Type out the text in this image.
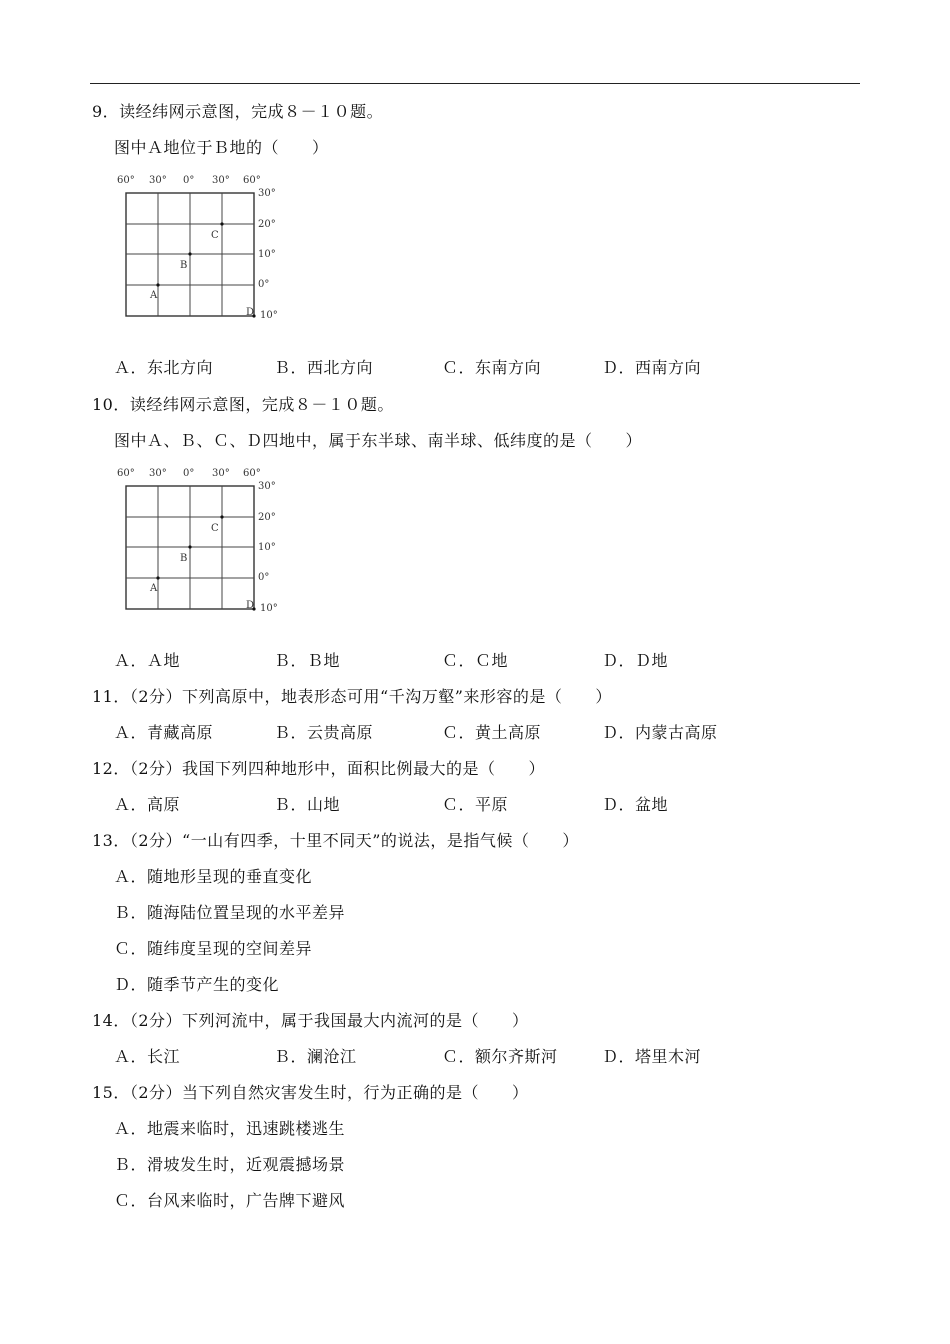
9．读经纬网示意图，完成８－１０题。
图中Ａ地位于Ｂ地的（　　）
60° 30° 0° 30° 60°
30°
20°
10°
0°
10°
C
B
A
D
Ａ．东北方向	Ｂ．西北方向	Ｃ．东南方向	Ｄ．西南方向
10．读经纬网示意图，完成８－１０题。
图中Ａ、Ｂ、Ｃ、Ｄ四地中，属于东半球、南半球、低纬度的是（　　）
60° 30° 0° 30° 60°
30°
20°
10°
0°
10°
C
B
A
D
Ａ．Ａ地	Ｂ．Ｂ地	Ｃ．Ｃ地	Ｄ．Ｄ地
11．（2分）下列高原中，地表形态可用“千沟万壑”来形容的是（　　）
Ａ．青藏高原	Ｂ．云贵高原	Ｃ．黄土高原	Ｄ．内蒙古高原
12．（2分）我国下列四种地形中，面积比例最大的是（　　）
Ａ．高原	Ｂ．山地	Ｃ．平原	Ｄ．盆地
13．（2分）“一山有四季，十里不同天”的说法，是指气候（　　）
Ａ．随地形呈现的垂直变化
Ｂ．随海陆位置呈现的水平差异
Ｃ．随纬度呈现的空间差异
Ｄ．随季节产生的变化
14．（2分）下列河流中，属于我国最大内流河的是（　　）
Ａ．长江	Ｂ．澜沧江	Ｃ．额尔齐斯河	Ｄ．塔里木河
15．（2分）当下列自然灾害发生时，行为正确的是（　　）
Ａ．地震来临时，迅速跳楼逃生
Ｂ．滑坡发生时，近观震撼场景
Ｃ．台风来临时，广告牌下避风
